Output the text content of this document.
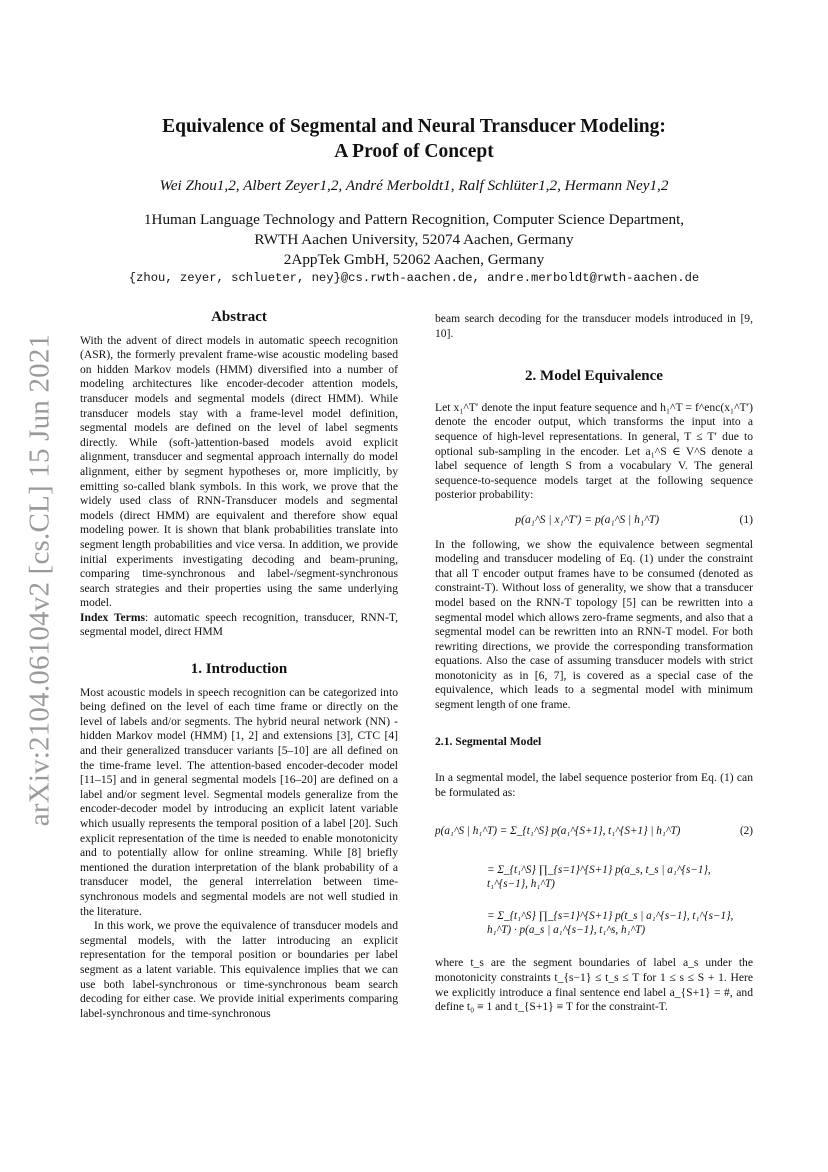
arXiv:2104.06104v2 [cs.CL] 15 Jun 2021
Equivalence of Segmental and Neural Transducer Modeling:
A Proof of Concept
Wei Zhou1,2, Albert Zeyer1,2, André Merboldt1, Ralf Schlüter1,2, Hermann Ney1,2
1Human Language Technology and Pattern Recognition, Computer Science Department,
RWTH Aachen University, 52074 Aachen, Germany
2AppTek GmbH, 52062 Aachen, Germany
{zhou, zeyer, schlueter, ney}@cs.rwth-aachen.de, andre.merboldt@rwth-aachen.de
Abstract

With the advent of direct models in automatic speech recognition (ASR), the formerly prevalent frame-wise acoustic modeling based on hidden Markov models (HMM) diversified into a number of modeling architectures like encoder-decoder attention models, transducer models and segmental models (direct HMM). While transducer models stay with a frame-level model definition, segmental models are defined on the level of label segments directly. While (soft-)attention-based models avoid explicit alignment, transducer and segmental approach internally do model alignment, either by segment hypotheses or, more implicitly, by emitting so-called blank symbols. In this work, we prove that the widely used class of RNN-Transducer models and segmental models (direct HMM) are equivalent and therefore show equal modeling power. It is shown that blank probabilities translate into segment length probabilities and vice versa. In addition, we provide initial experiments investigating decoding and beam-pruning, comparing time-synchronous and label-/segment-synchronous search strategies and their properties using the same underlying model.

Index Terms: automatic speech recognition, transducer, RNN-T, segmental model, direct HMM

1. Introduction

Most acoustic models in speech recognition can be categorized into being defined on the level of each time frame or directly on the level of labels and/or segments. The hybrid neural network (NN) - hidden Markov model (HMM) [1, 2] and extensions [3], CTC [4] and their generalized transducer variants [5–10] are all defined on the time-frame level. The attention-based encoder-decoder model [11–15] and in general segmental models [16–20] are defined on a label and/or segment level. Segmental models generalize from the encoder-decoder model by introducing an explicit latent variable which usually represents the temporal position of a label [20]. Such explicit representation of the time is needed to enable monotonicity and to potentially allow for online streaming. While [8] briefly mentioned the duration interpretation of the blank probability of a transducer model, the general interrelation between time-synchronous models and segmental models are not well studied in the literature.

In this work, we prove the equivalence of transducer models and segmental models, with the latter introducing an explicit representation for the temporal position or boundaries per label segment as a latent variable. This equivalence implies that we can use both label-synchronous or time-synchronous beam search decoding for either case. We provide initial experiments comparing label-synchronous and time-synchronous

beam search decoding for the transducer models introduced in [9, 10].

2. Model Equivalence

Let x₁^T′ denote the input feature sequence and h₁^T = f^enc(x₁^T′) denote the encoder output, which transforms the input into a sequence of high-level representations. In general, T ≤ T′ due to optional sub-sampling in the encoder. Let a₁^S ∈ V^S denote a label sequence of length S from a vocabulary V. The general sequence-to-sequence models target at the following sequence posterior probability:

p(a₁^S | x₁^T′) = p(a₁^S | h₁^T)	(1)

In the following, we show the equivalence between segmental modeling and transducer modeling of Eq. (1) under the constraint that all T encoder output frames have to be consumed (denoted as constraint-T). Without loss of generality, we show that a transducer model based on the RNN-T topology [5] can be rewritten into a segmental model which allows zero-frame segments, and also that a segmental model can be rewritten into an RNN-T model. For both rewriting directions, we provide the corresponding transformation equations. Also the case of assuming transducer models with strict monotonicity as in [6, 7], is covered as a special case of the equivalence, which leads to a segmental model with minimum segment length of one frame.

2.1. Segmental Model

In a segmental model, the label sequence posterior from Eq. (1) can be formulated as:

p(a₁^S | h₁^T) = Σ_{t₁^S} p(a₁^{S+1}, t₁^{S+1} | h₁^T)	(2)
= Σ_{t₁^S} ∏_{s=1}^{S+1} p(a_s, t_s | a₁^{s−1}, t₁^{s−1}, h₁^T)
= Σ_{t₁^S} ∏_{s=1}^{S+1} p(t_s | a₁^{s−1}, t₁^{s−1}, h₁^T) · p(a_s | a₁^{s−1}, t₁^s, h₁^T)

where t_s are the segment boundaries of label a_s under the monotonicity constraints t_{s−1} ≤ t_s ≤ T for 1 ≤ s ≤ S + 1. Here we explicitly introduce a final sentence end label a_{S+1} = #, and define t₀ ≡ 1 and t_{S+1} ≡ T for the constraint-T.
